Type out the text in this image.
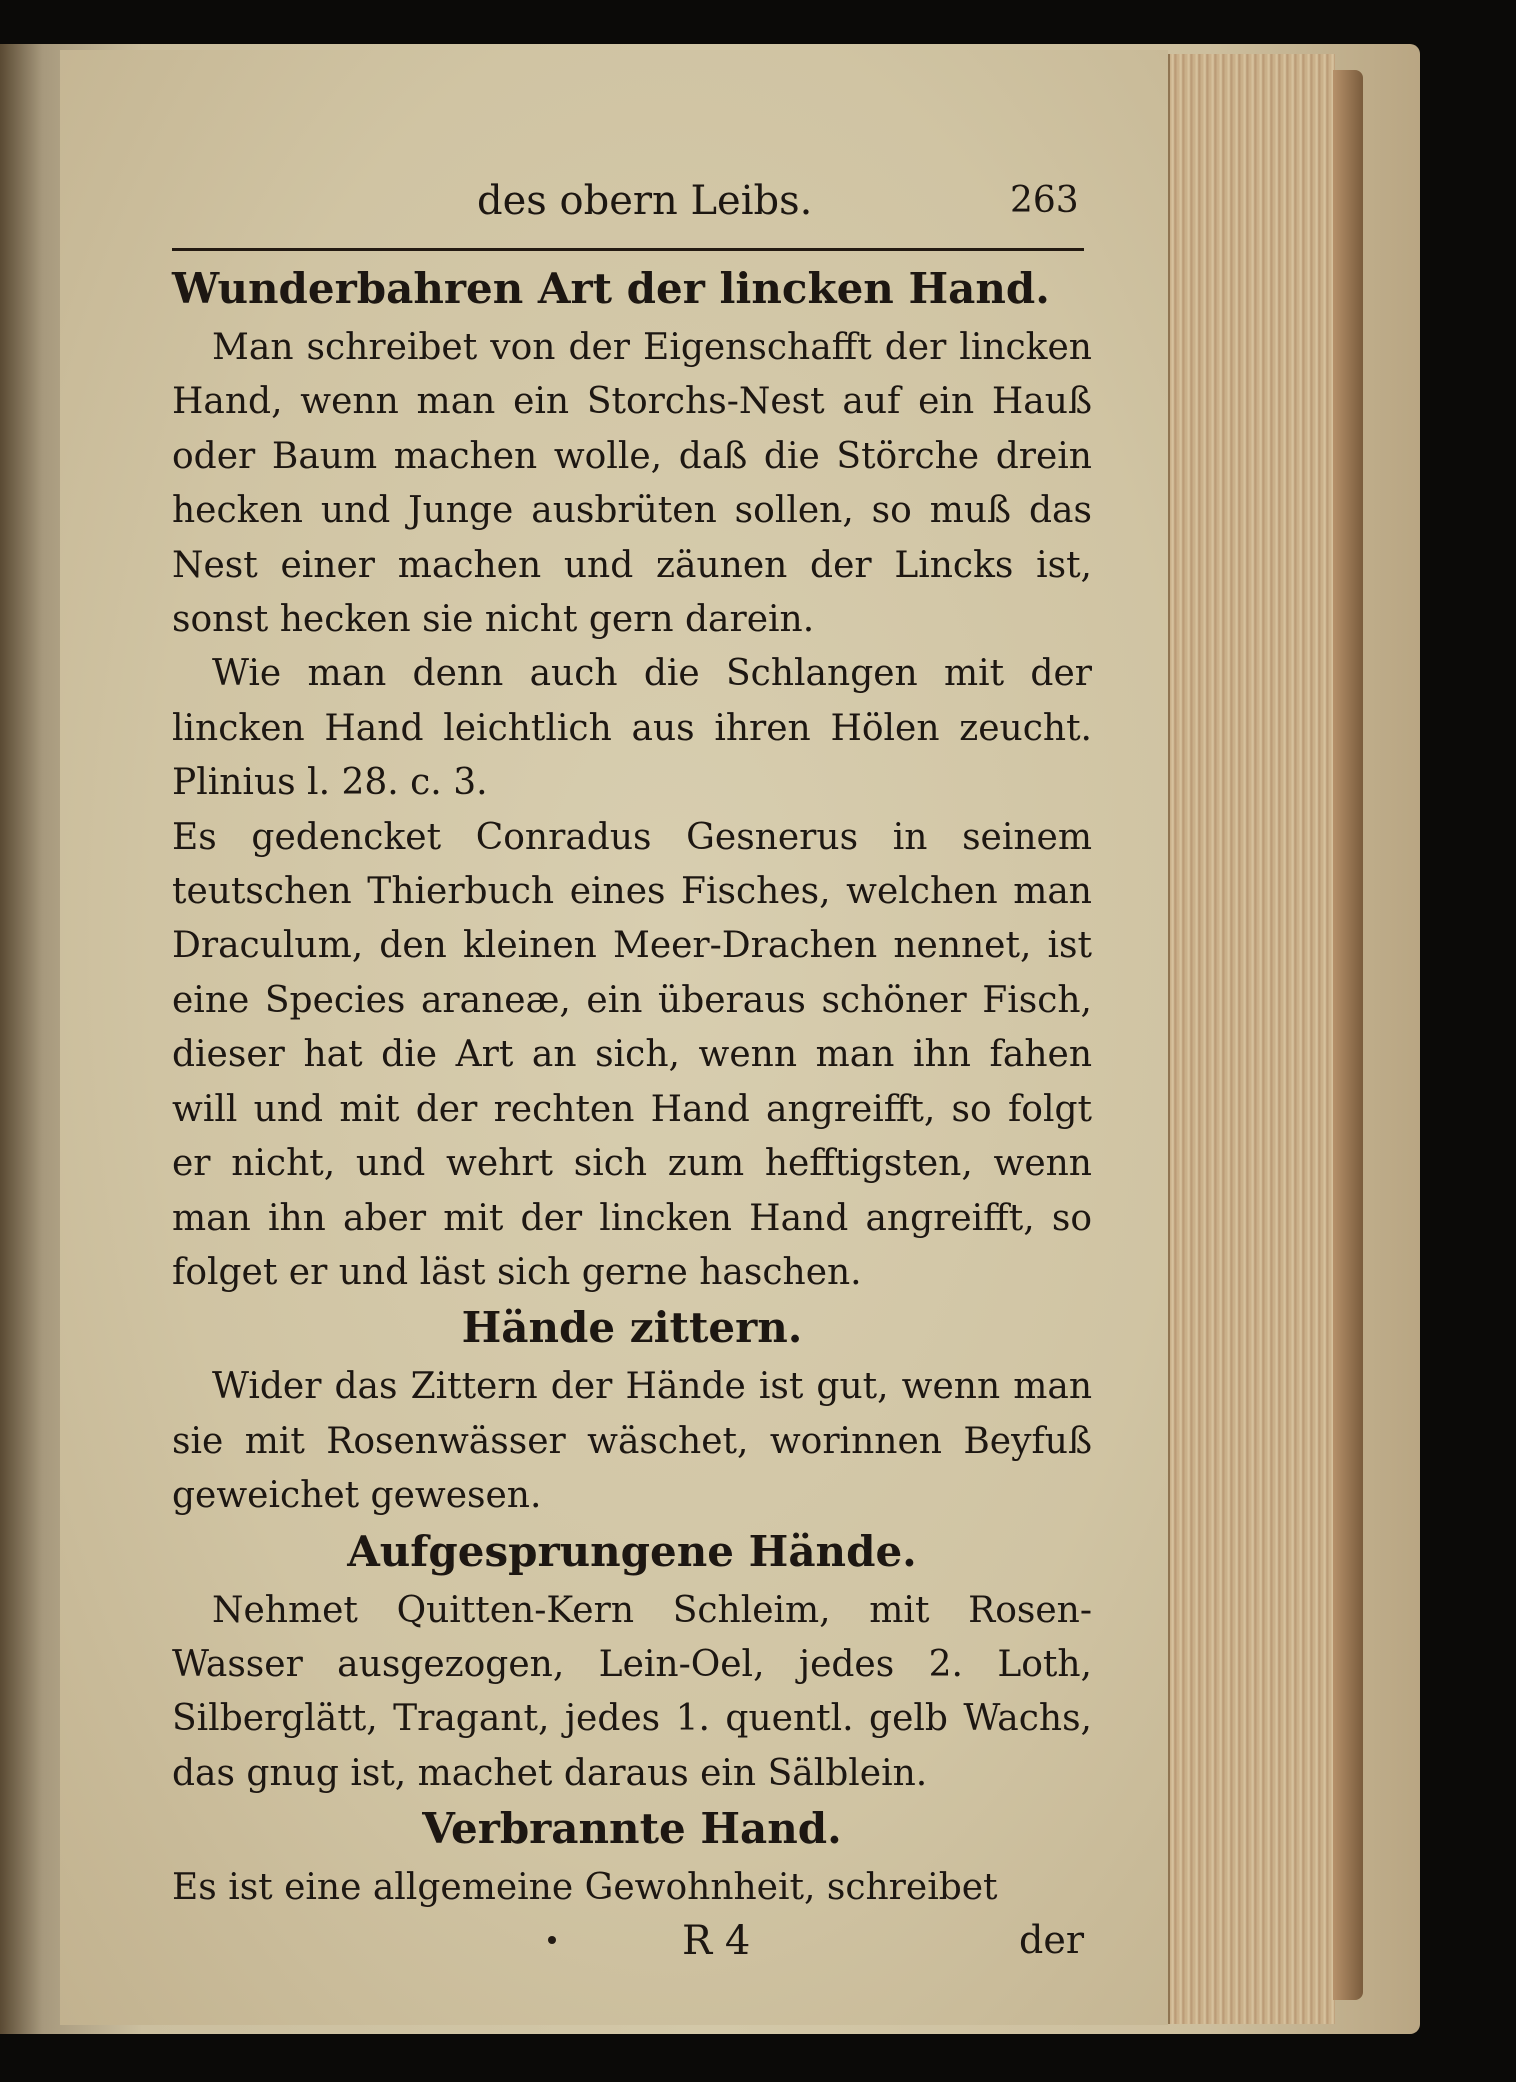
des obern Leibs.	263
Wunderbahren Art der lincken Hand.

Man schreibet von der Eigenschafft der lincken Hand, wenn man ein Storchs-Nest auf ein Hauß oder Baum machen wolle, daß die Störche drein hecken und Junge ausbrüten sollen, so muß das Nest einer machen und zäunen der Lincks ist, sonst hecken sie nicht gern darein.

Wie man denn auch die Schlangen mit der lincken Hand leichtlich aus ihren Hölen zeucht. Plinius l. 28. c. 3.

Es gedencket Conradus Gesnerus in seinem teutschen Thierbuch eines Fisches, welchen man Draculum, den kleinen Meer-Drachen nennet, ist eine Species araneæ, ein überaus schöner Fisch, dieser hat die Art an sich, wenn man ihn fahen will und mit der rechten Hand angreifft, so folgt er nicht, und wehrt sich zum hefftigsten, wenn man ihn aber mit der lincken Hand angreifft, so folget er und läst sich gerne haschen.

Hände zittern.

Wider das Zittern der Hände ist gut, wenn man sie mit Rosenwässer wäschet, worinnen Beyfuß geweichet gewesen.

Aufgesprungene Hände.

Nehmet Quitten-Kern Schleim, mit Rosen-Wasser ausgezogen, Lein-Oel, jedes 2. Loth, Silberglätt, Tragant, jedes 1. quentl. gelb Wachs, das gnug ist, machet daraus ein Sälblein.

Verbrannte Hand.

Es ist eine allgemeine Gewohnheit, schreibet

R 4	der
